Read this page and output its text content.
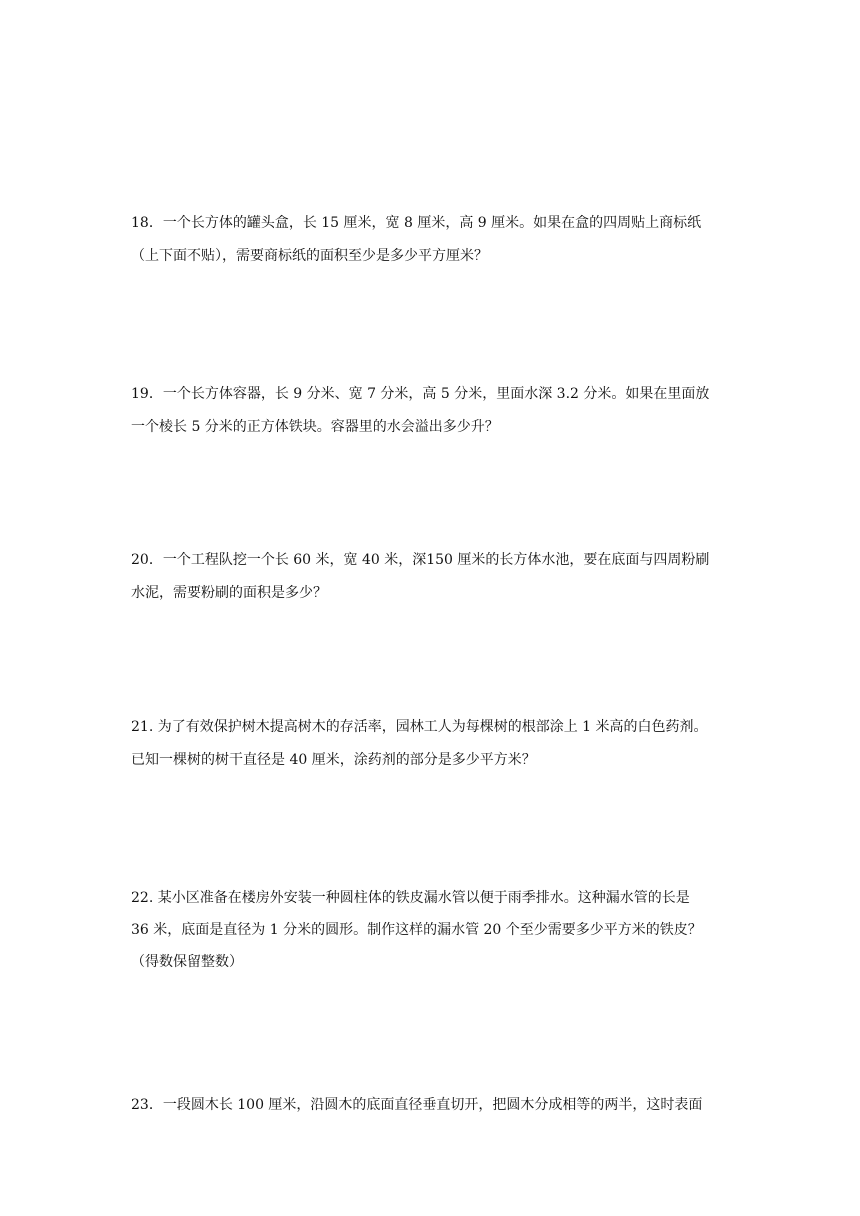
18．一个长方体的罐头盒，长 15 厘米，宽 8 厘米，高 9 厘米。如果在盒的四周贴上商标纸
（上下面不贴），需要商标纸的面积至少是多少平方厘米？
19．一个长方体容器，长 9 分米、宽 7 分米，高 5 分米，里面水深 3.2 分米。如果在里面放
一个棱长 5 分米的正方体铁块。容器里的水会溢出多少升？
20．一个工程队挖一个长 60 米，宽 40 米，深150 厘米的长方体水池，要在底面与四周粉刷
水泥，需要粉刷的面积是多少？
21. 为了有效保护树木提高树木的存活率，园林工人为每棵树的根部涂上 1 米高的白色药剂。
已知一棵树的树干直径是 40 厘米，涂药剂的部分是多少平方米？
22. 某小区准备在楼房外安装一种圆柱体的铁皮漏水管以便于雨季排水。这种漏水管的长是
36 米，底面是直径为 1 分米的圆形。制作这样的漏水管 20 个至少需要多少平方米的铁皮？
（得数保留整数）
23．一段圆木长 100 厘米，沿圆木的底面直径垂直切开，把圆木分成相等的两半，这时表面
